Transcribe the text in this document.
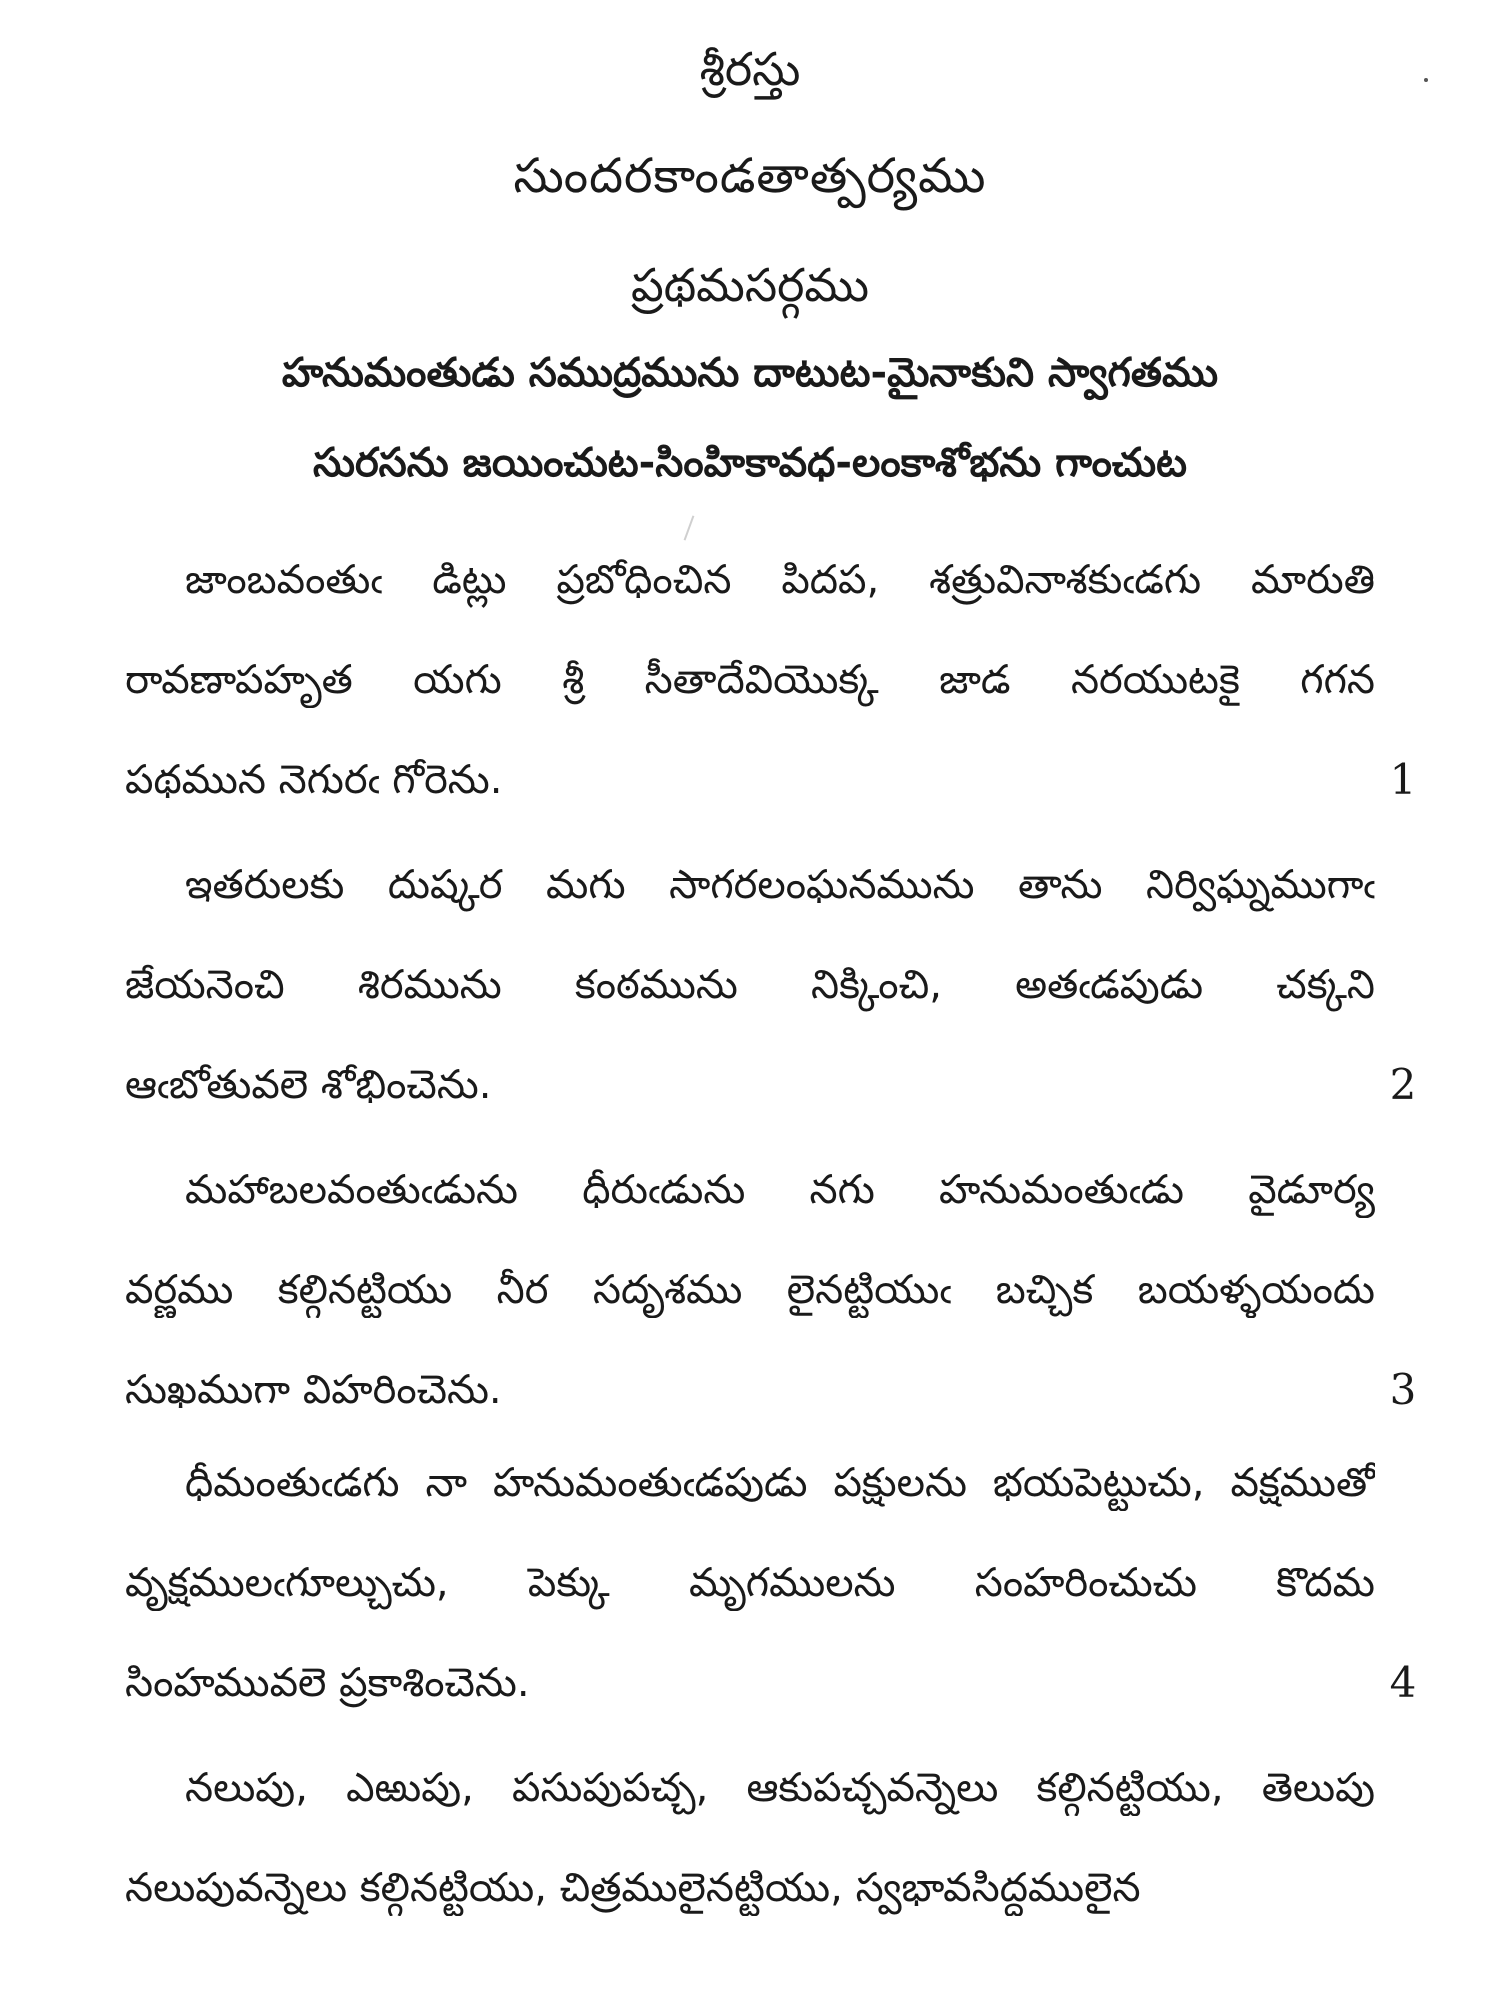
శ్రీరస్తు
సుందరకాండతాత్పర్యము
ప్రథమసర్గము
హనుమంతుడు సముద్రమును దాటుట-మైనాకుని స్వాగతము
సురసను జయించుట-సింహికావధ-లంకాశోభను గాంచుట
జాంబవంతుఁ డిట్లు ప్రబోధించిన పిదప, శత్రువినాశకుఁడగు మారుతి
రావణాపహృత యగు శ్రీ సీతాదేవియొక్క జాడ నరయుటకై గగన
పథమున నెగురఁ గోరెను.	1
ఇతరులకు దుష్కర మగు సాగరలంఘనమును తాను నిర్విఘ్నముగాఁ
జేయనెంచి శిరమును కంఠమును నిక్కించి, అతఁడపుడు చక్కని
ఆఁబోతువలె శోభించెను.	2
మహాబలవంతుఁడును ధీరుఁడును నగు హనుమంతుఁడు వైడూర్య
వర్ణము కల్గినట్టియు నీర సదృశము లైనట్టియుఁ బచ్చిక బయళ్ళయందు
సుఖముగా విహరించెను.	3
ధీమంతుఁడగు నా హనుమంతుఁడపుడు పక్షులను భయపెట్టుచు, వక్షముతో
వృక్షములఁగూల్చుచు, పెక్కు మృగములను సంహరించుచు కొదమ
సింహమువలె ప్రకాశించెను.	4
నలుపు, ఎఱుపు, పసుపుపచ్చ, ఆకుపచ్చవన్నెలు కల్గినట్టియు, తెలుపు
నలుపువన్నెలు కల్గినట్టియు, చిత్రములైనట్టియు, స్వభావసిద్ధములైన
